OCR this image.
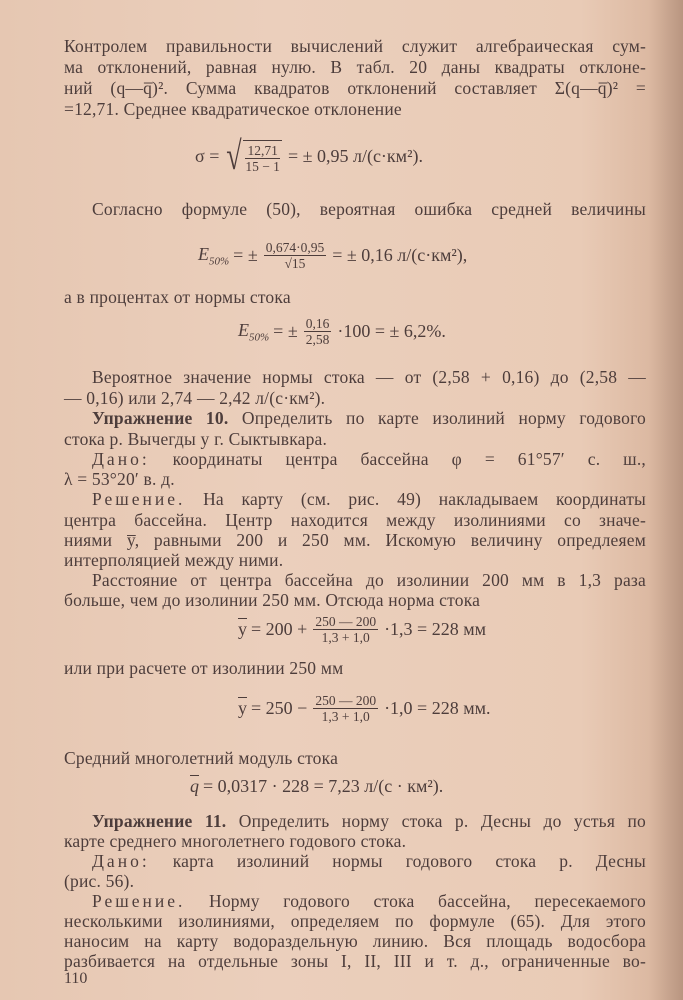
Контролем правильности вычислений служит алгебраическая сум-
ма отклонений, равная нулю. В табл. 20 даны квадраты отклоне-
ний (q—q̅)². Сумма квадратов отклонений составляет Σ(q—q̅)² =
=12,71. Среднее квадратическое отклонение
σ = √ $\frac{12,71}{15 - 1}$ = ± 0,95 л/(с·км²).
Согласно формуле (50), вероятная ошибка средней величины
$E_{50\%}$ = ± $\frac{0,674\cdot 0,95}{√15}$ = ± 0,16 л/(с·км²),
а в процентах от нормы стока
$E_{50\%}$ = ± $\frac{0,16}{2,58} \cdot 100$ = ± 6,2%.
Вероятное значение нормы стока — от (2,58 + 0,16) до (2,58 —
— 0,16) или 2,74 — 2,42 л/(с·км²).
Упражнение 10. Определить по карте изолиний норму годового
стока р. Вычегды у г. Сыктывкара.
Дано: координаты центра бассейна φ = 61°57′ с. ш.,
λ = 53°20′ в. д.
Решение. На карту (см. рис. 49) накладываем координаты
центра бассейна. Центр находится между изолиниями со значе-
ниями y̅, равными 200 и 250 мм. Искомую величину опредлеяем
интерполяцией между ними.
Расстояние от центра бассейна до изолинии 200 мм в 1,3 раза
больше, чем до изолинии 250 мм. Отсюда норма стока
$\overline{y} = 200 + \frac{250 — 200}{1,3 + 1,0} \cdot 1,3 = 228$ мм
или при расчете от изолинии 250 мм
$\overline{y} = 250 - \frac{250 — 200}{1,3 + 1,0} \cdot 1,0 = 228$ мм.
Средний многолетний модуль стока
$\overline{q} = 0,0317 \cdot 228 = 7,23$ л/(с · км²).
Упражнение 11. Определить норму стока р. Десны до устья по
карте среднего многолетнего годового стока.
Дано: карта изолиний нормы годового стока р. Десны
(рис. 56).
Решение. Норму годового стока бассейна, пересекаемого
несколькими изолиниями, определяем по формуле (65). Для этого
наносим на карту водораздельную линию. Вся площадь водосбора
разбивается на отдельные зоны I, II, III и т. д., ограниченные во-
110
